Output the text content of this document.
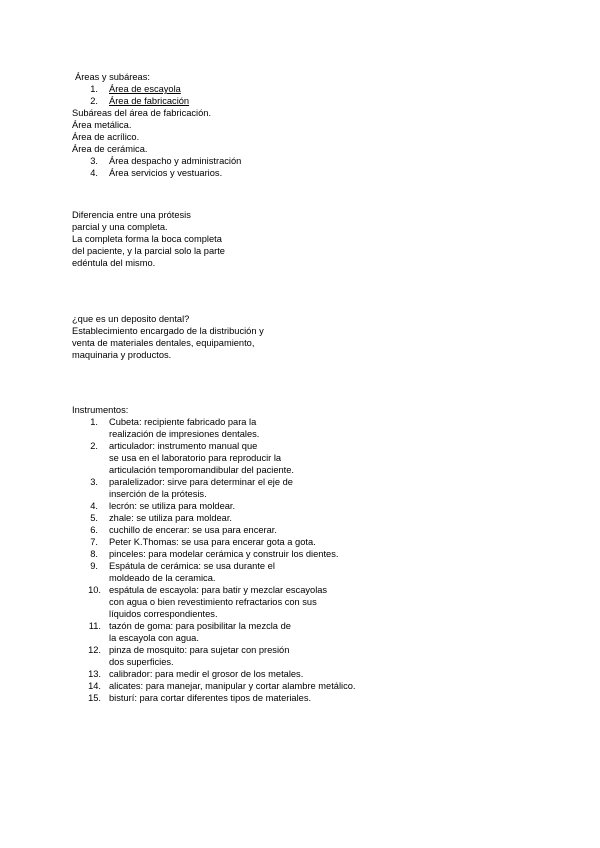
Áreas y subáreas:
1. Área de escayola
2. Área de fabricación
Subáreas del área de fabricación.
Área metálica.
Área de acrílico.
Área de cerámica.
3. Área despacho y administración
4. Área servicios y vestuarios.
Diferencia entre una prótesis
parcial y una completa.
La completa forma la boca completa
del paciente, y la parcial solo la parte
edéntula del mismo.
¿que es un deposito dental?
Establecimiento encargado de la distribución y
venta de materiales dentales, equipamiento,
maquinaria y productos.
Instrumentos:
1. Cubeta: recipiente fabricado para la
realización de impresiones dentales.
2. articulador: instrumento manual que
se usa en el laboratorio para reproducir la
articulación temporomandibular del paciente.
3. paralelizador: sirve para determinar el eje de
inserción de la prótesis.
4. lecrón: se utiliza para moldear.
5. zhale: se utiliza para moldear.
6. cuchillo de encerar: se usa para encerar.
7. Peter K.Thomas: se usa para encerar gota a gota.
8. pinceles: para modelar cerámica y construir los dientes.
9. Espátula de cerámica: se usa durante el
moldeado de la ceramica.
10. espátula de escayola: para batir y mezclar escayolas
con agua o bien revestimiento refractarios con sus
líquidos correspondientes.
11. tazón de goma: para posibilitar la mezcla de
la escayola con agua.
12. pinza de mosquito: para sujetar con presión
dos superficies.
13. calibrador: para medir el grosor de los metales.
14. alicates: para manejar, manipular y cortar alambre metálico.
15. bisturí: para cortar diferentes tipos de materiales.
